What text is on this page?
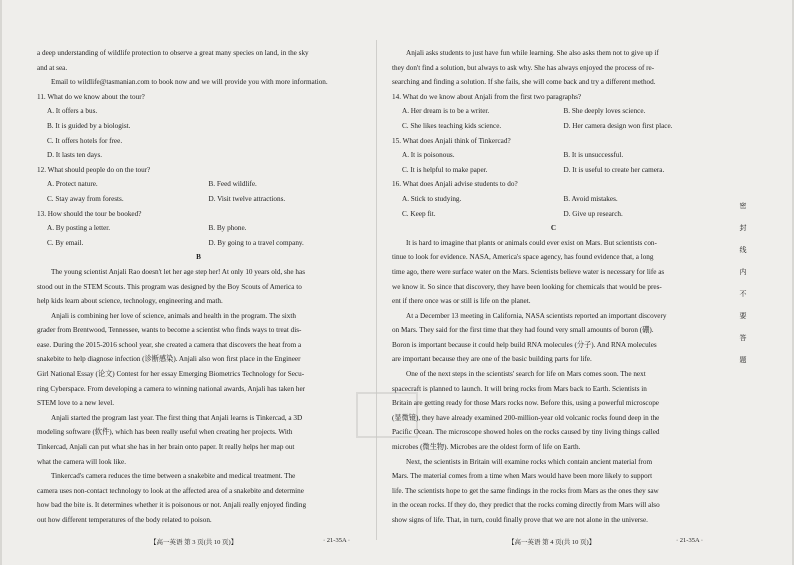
a deep understanding of wildlife protection to observe a great many species on land, in the sky
and at sea.
Email to wildlife@tasmanian.com to book now and we will provide you with more information.
11. What do we know about the tour?
A. It offers a bus.
B. It is guided by a biologist.
C. It offers hotels for free.
D. It lasts ten days.
12. What should people do on the tour?
A. Protect nature.	B. Feed wildlife.
C. Stay away from forests.	D. Visit twelve attractions.
13. How should the tour be booked?
A. By posting a letter.	B. By phone.
C. By email.	D. By going to a travel company.
B
The young scientist Anjali Rao doesn't let her age step her! At only 10 years old, she has
stood out in the STEM Scouts. This program was designed by the Boy Scouts of America to
help kids learn about science, technology, engineering and math.
Anjali is combining her love of science, animals and health in the program. The sixth
grader from Brentwood, Tennessee, wants to become a scientist who finds ways to treat dis-
ease. During the 2015-2016 school year, she created a camera that discovers the heat from a
snakebite to help diagnose infection (诊断感染). Anjali also won first place in the Engineer
Girl National Essay (论文) Contest for her essay Emerging Biometrics Technology for Secu-
ring Cyberspace. From developing a camera to winning national awards, Anjali has taken her
STEM love to a new level.
Anjali started the program last year. The first thing that Anjali learns is Tinkercad, a 3D
modeling software (软件), which has been really useful when creating her projects. With
Tinkercad, Anjali can put what she has in her brain onto paper. It really helps her map out
what the camera will look like.
Tinkercad's camera reduces the time between a snakebite and medical treatment. The
camera uses non-contact technology to look at the affected area of a snakebite and determine
how bad the bite is. It determines whether it is poisonous or not. Anjali really enjoyed finding
out how different temperatures of the body related to poison.
【高一英语 第 3 页(共 10 页)】	· 21-35A ·
Anjali asks students to just have fun while learning. She also asks them not to give up if
they don't find a solution, but always to ask why. She has always enjoyed the process of re-
searching and finding a solution. If she fails, she will come back and try a different method.
14. What do we know about Anjali from the first two paragraphs?
A. Her dream is to be a writer.	B. She deeply loves science.
C. She likes teaching kids science.	D. Her camera design won first place.
15. What does Anjali think of Tinkercad?
A. It is poisonous.	B. It is unsuccessful.
C. It is helpful to make paper.	D. It is useful to create her camera.
16. What does Anjali advise students to do?
A. Stick to studying.	B. Avoid mistakes.
C. Keep fit.	D. Give up research.
C
It is hard to imagine that plants or animals could ever exist on Mars. But scientists con-
tinue to look for evidence. NASA, America's space agency, has found evidence that, a long
time ago, there were surface water on the Mars. Scientists believe water is necessary for life as
we know it. So since that discovery, they have been looking for chemicals that would be pres-
ent if there once was or still is life on the planet.
At a December 13 meeting in California, NASA scientists reported an important discovery
on Mars. They said for the first time that they had found very small amounts of boron (硼).
Boron is important because it could help build RNA molecules (分子). And RNA molecules
are important because they are one of the basic building parts for life.
One of the next steps in the scientists' search for life on Mars comes soon. The next
spacecraft is planned to launch. It will bring rocks from Mars back to Earth. Scientists in
Britain are getting ready for those Mars rocks now. Before this, using a powerful microscope
(显微镜), they have already examined 200-million-year old volcanic rocks found deep in the
Pacific Ocean. The microscope showed holes on the rocks caused by tiny living things called
microbes (微生物). Microbes are the oldest form of life on Earth.
Next, the scientists in Britain will examine rocks which contain ancient material from
Mars. The material comes from a time when Mars would have been more likely to support
life. The scientists hope to get the same findings in the rocks from Mars as the ones they saw
in the ocean rocks. If they do, they predict that the rocks coming directly from Mars will also
show signs of life. That, in turn, could finally prove that we are not alone in the universe.
【高一英语 第 4 页(共 10 页)】	· 21-35A ·
密
封
线
内
不
要
答
题
